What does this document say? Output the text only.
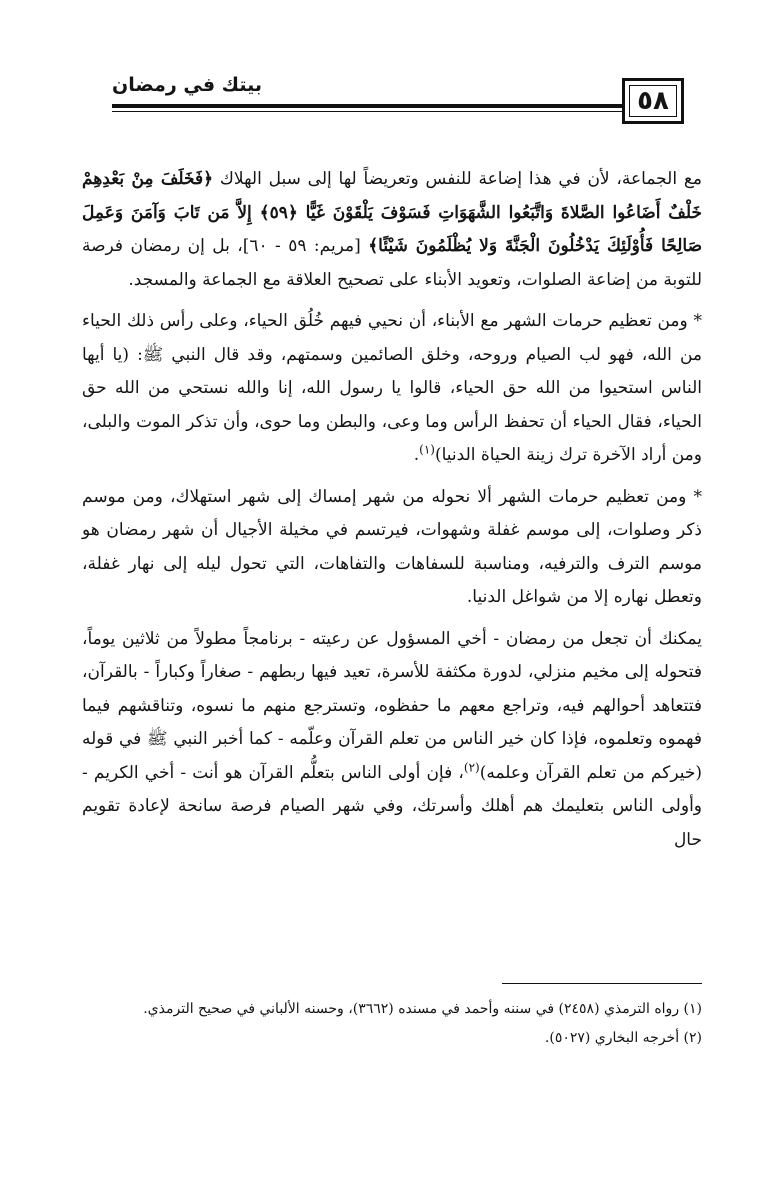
٥٨
بيتك في رمضان

مع الجماعة، لأن في هذا إضاعة للنفس وتعريضاً لها إلى سبل الهلاك ﴿فَخَلَفَ مِنْ بَعْدِهِمْ خَلْفٌ أَضَاعُوا الصَّلاةَ وَاتَّبَعُوا الشَّهَوَاتِ فَسَوْفَ يَلْقَوْنَ غَيًّا ﴿٥٩﴾ إِلاَّ مَن تَابَ وَآمَنَ وَعَمِلَ صَالِحًا فَأُوْلَئِكَ يَدْخُلُونَ الْجَنَّةَ وَلا يُظْلَمُونَ شَيْئًا﴾ [مريم: ٥٩ - ٦٠]، بل إن رمضان فرصة للتوبة من إضاعة الصلوات، وتعويد الأبناء على تصحيح العلاقة مع الجماعة والمسجد.

* ومن تعظيم حرمات الشهر مع الأبناء، أن نحيي فيهم خُلُق الحياء، وعلى رأس ذلك الحياء من الله، فهو لب الصيام وروحه، وخلق الصائمين وسمتهم، وقد قال النبي ﷺ: (يا أيها الناس استحيوا من الله حق الحياء، قالوا يا رسول الله، إنا والله نستحي من الله حق الحياء، فقال الحياء أن تحفظ الرأس وما وعى، والبطن وما حوى، وأن تذكر الموت والبلى، ومن أراد الآخرة ترك زينة الحياة الدنيا)$^{(١)}$.

* ومن تعظيم حرمات الشهر ألا نحوله من شهر إمساك إلى شهر استهلاك، ومن موسم ذكر وصلوات، إلى موسم غفلة وشهوات، فيرتسم في مخيلة الأجيال أن شهر رمضان هو موسم الترف والترفيه، ومناسبة للسفاهات والتفاهات، التي تحول ليله إلى نهار غفلة، وتعطل نهاره إلا من شواغل الدنيا.

يمكنك أن تجعل من رمضان - أخي المسؤول عن رعيته - برنامجاً مطولاً من ثلاثين يوماً، فتحوله إلى مخيم منزلي، لدورة مكثفة للأسرة، تعيد فيها ربطهم - صغاراً وكباراً - بالقرآن، فتتعاهد أحوالهم فيه، وتراجع معهم ما حفظوه، وتسترجع منهم ما نسوه، وتناقشهم فيما فهموه وتعلموه، فإذا كان خير الناس من تعلم القرآن وعلّمه - كما أخبر النبي ﷺ في قوله (خيركم من تعلم القرآن وعلمه)$^{(٢)}$، فإن أولى الناس بتعلُّم القرآن هو أنت - أخي الكريم - وأولى الناس بتعليمك هم أهلك وأسرتك، وفي شهر الصيام فرصة سانحة لإعادة تقويم حال

(١) رواه الترمذي (٢٤٥٨) في سننه وأحمد في مسنده (٣٦٦٢)، وحسنه الألباني في صحيح الترمذي.

(٢) أخرجه البخاري (٥٠٢٧).
